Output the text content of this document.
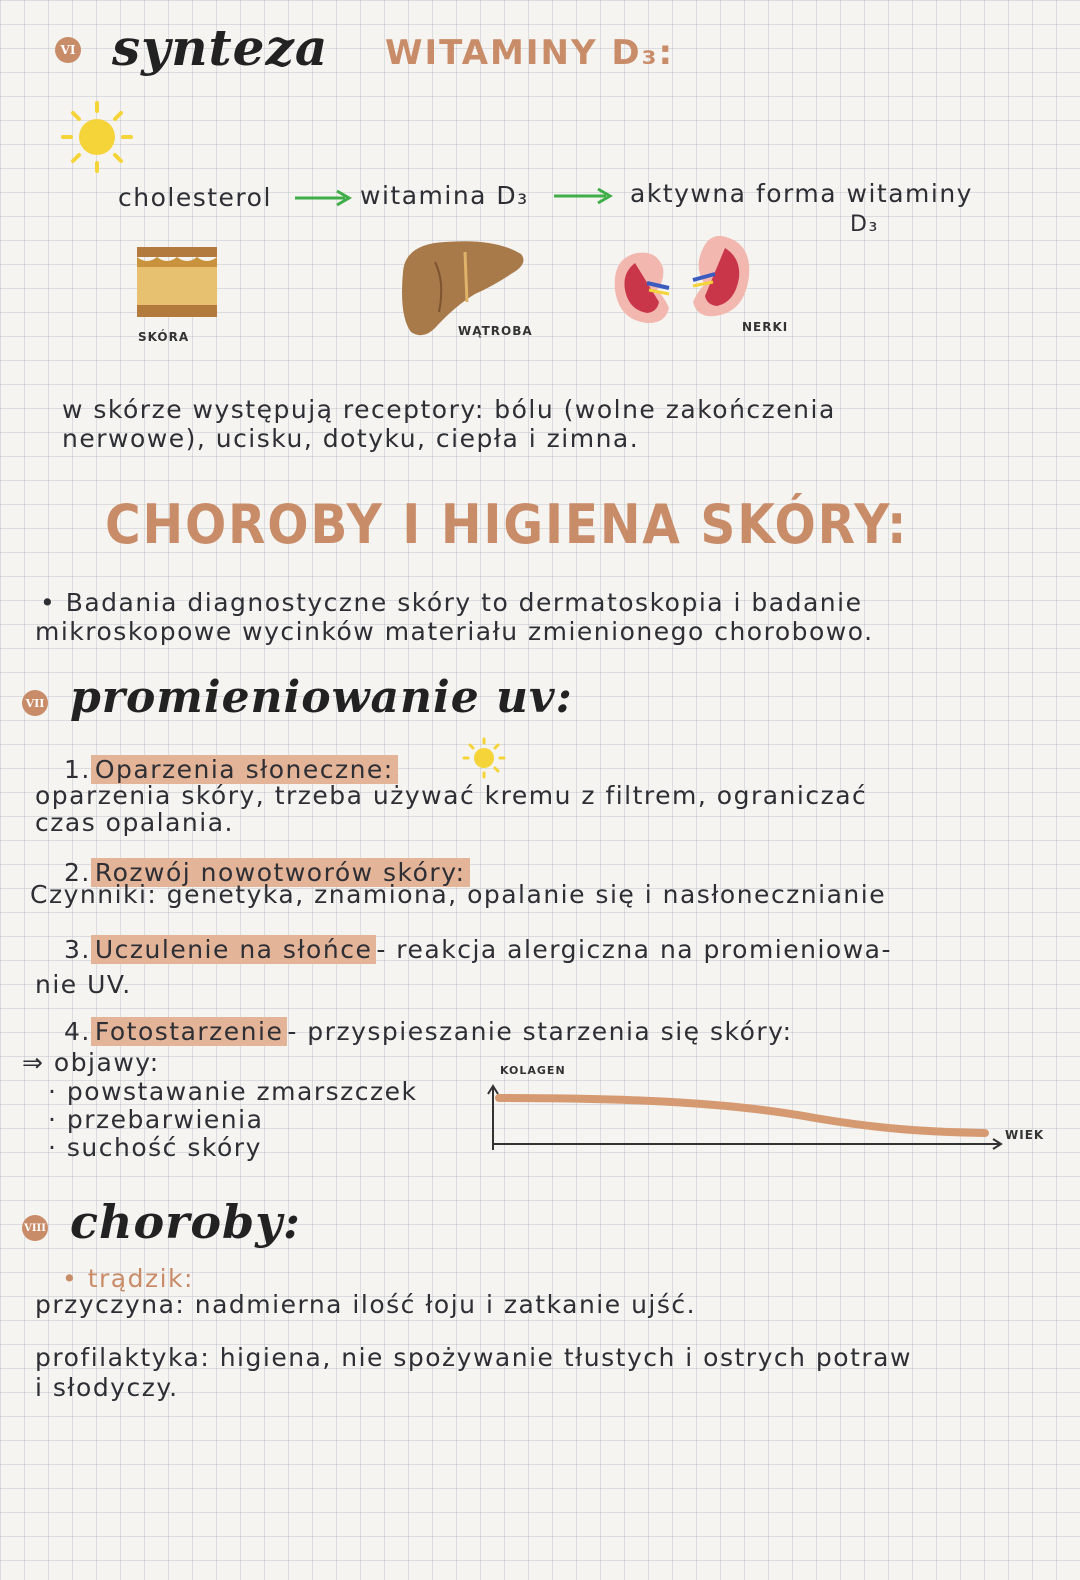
VI synteza WITAMINY D₃:
cholesterol	witamina D₃	aktywna forma witaminy
D₃
SKÓRA	WĄTROBA	NERKI
w skórze występują receptory: bólu (wolne zakończenia
nerwowe), ucisku, dotyku, ciepła i zimna.
CHOROBY I HIGIENA SKÓRY:
• Badania diagnostyczne skóry to dermatoskopia i badanie
mikroskopowe wycinków materiału zmienionego chorobowo.
VII promieniowanie uv:
1. Oparzenia słoneczne:
oparzenia skóry, trzeba używać kremu z filtrem, ograniczać
czas opalania.
2. Rozwój nowotworów skóry:
Czynniki: genetyka, znamiona, opalanie się i nasłonecznianie
3. Uczulenie na słońce - reakcja alergiczna na promieniowa-
nie UV.
4. Fotostarzenie - przyspieszanie starzenia się skóry:
⇒ objawy:
· powstawanie zmarszczek
· przebarwienia
· suchość skóry
KOLAGEN
WIEK
VIII choroby:
• trądzik:
przyczyna: nadmierna ilość łoju i zatkanie ujść.
profilaktyka: higiena, nie spożywanie tłustych i ostrych potraw
i słodyczy.
